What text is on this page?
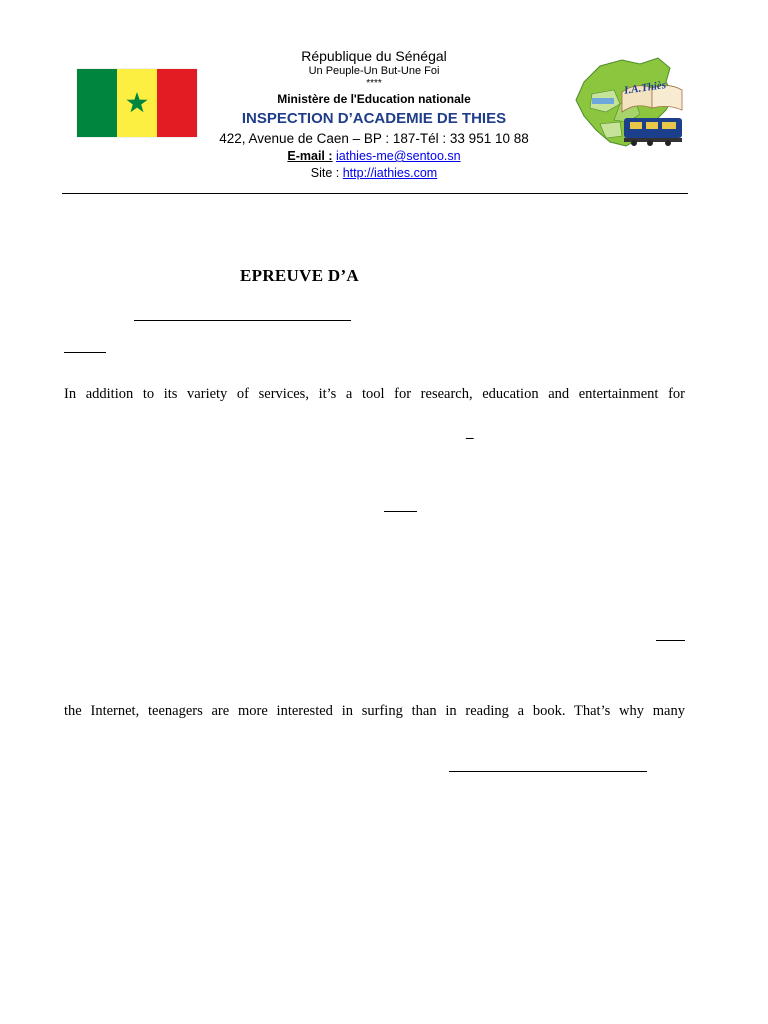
République du Sénégal
Un Peuple-Un But-Une Foi
****
Ministère de l'Education nationale
INSPECTION D’ACADEMIE DE THIES
422, Avenue de Caen – BP : 187-Tél : 33 951 10 88
E-mail : iathies-me@sentoo.sn
Site : http://iathies.com
I.A.Thiès
EPREUVE D’A
In addition to its variety of services, it’s a tool for research, education and entertainment for
–
the Internet, teenagers are more interested in surfing than in reading a book. That’s why many
